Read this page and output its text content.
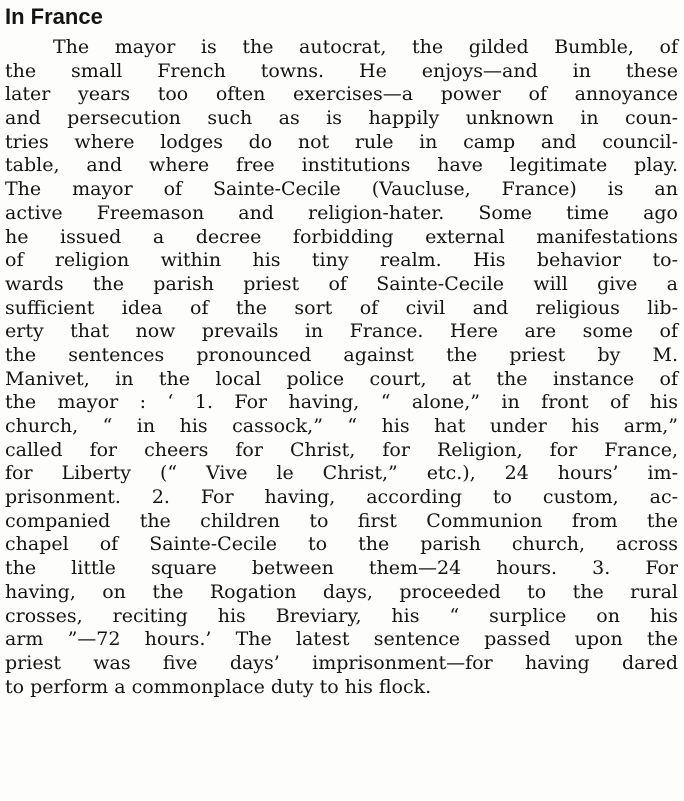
In France
The mayor is the autocrat, the gilded Bumble, of
the small French towns. He enjoys—and in these
later years too often exercises—a power of annoyance
and persecution such as is happily unknown in coun-
tries where lodges do not rule in camp and council-
table, and where free institutions have legitimate play.
The mayor of Sainte-Cecile (Vaucluse, France) is an
active Freemason and religion-hater. Some time ago
he issued a decree forbidding external manifestations
of religion within his tiny realm. His behavior to-
wards the parish priest of Sainte-Cecile will give a
sufficient idea of the sort of civil and religious lib-
erty that now prevails in France. Here are some of
the sentences pronounced against the priest by M.
Manivet, in the local police court, at the instance of
the mayor : ‘ 1. For having, “ alone,” in front of his
church, “ in his cassock,” “ his hat under his arm,”
called for cheers for Christ, for Religion, for France,
for Liberty (“ Vive le Christ,” etc.), 24 hours’ im-
prisonment. 2. For having, according to custom, ac-
companied the children to first Communion from the
chapel of Sainte-Cecile to the parish church, across
the little square between them—24 hours. 3. For
having, on the Rogation days, proceeded to the rural
crosses, reciting his Breviary, his “ surplice on his
arm ”—72 hours.’ The latest sentence passed upon the
priest was five days’ imprisonment—for having dared
to perform a commonplace duty to his flock.
